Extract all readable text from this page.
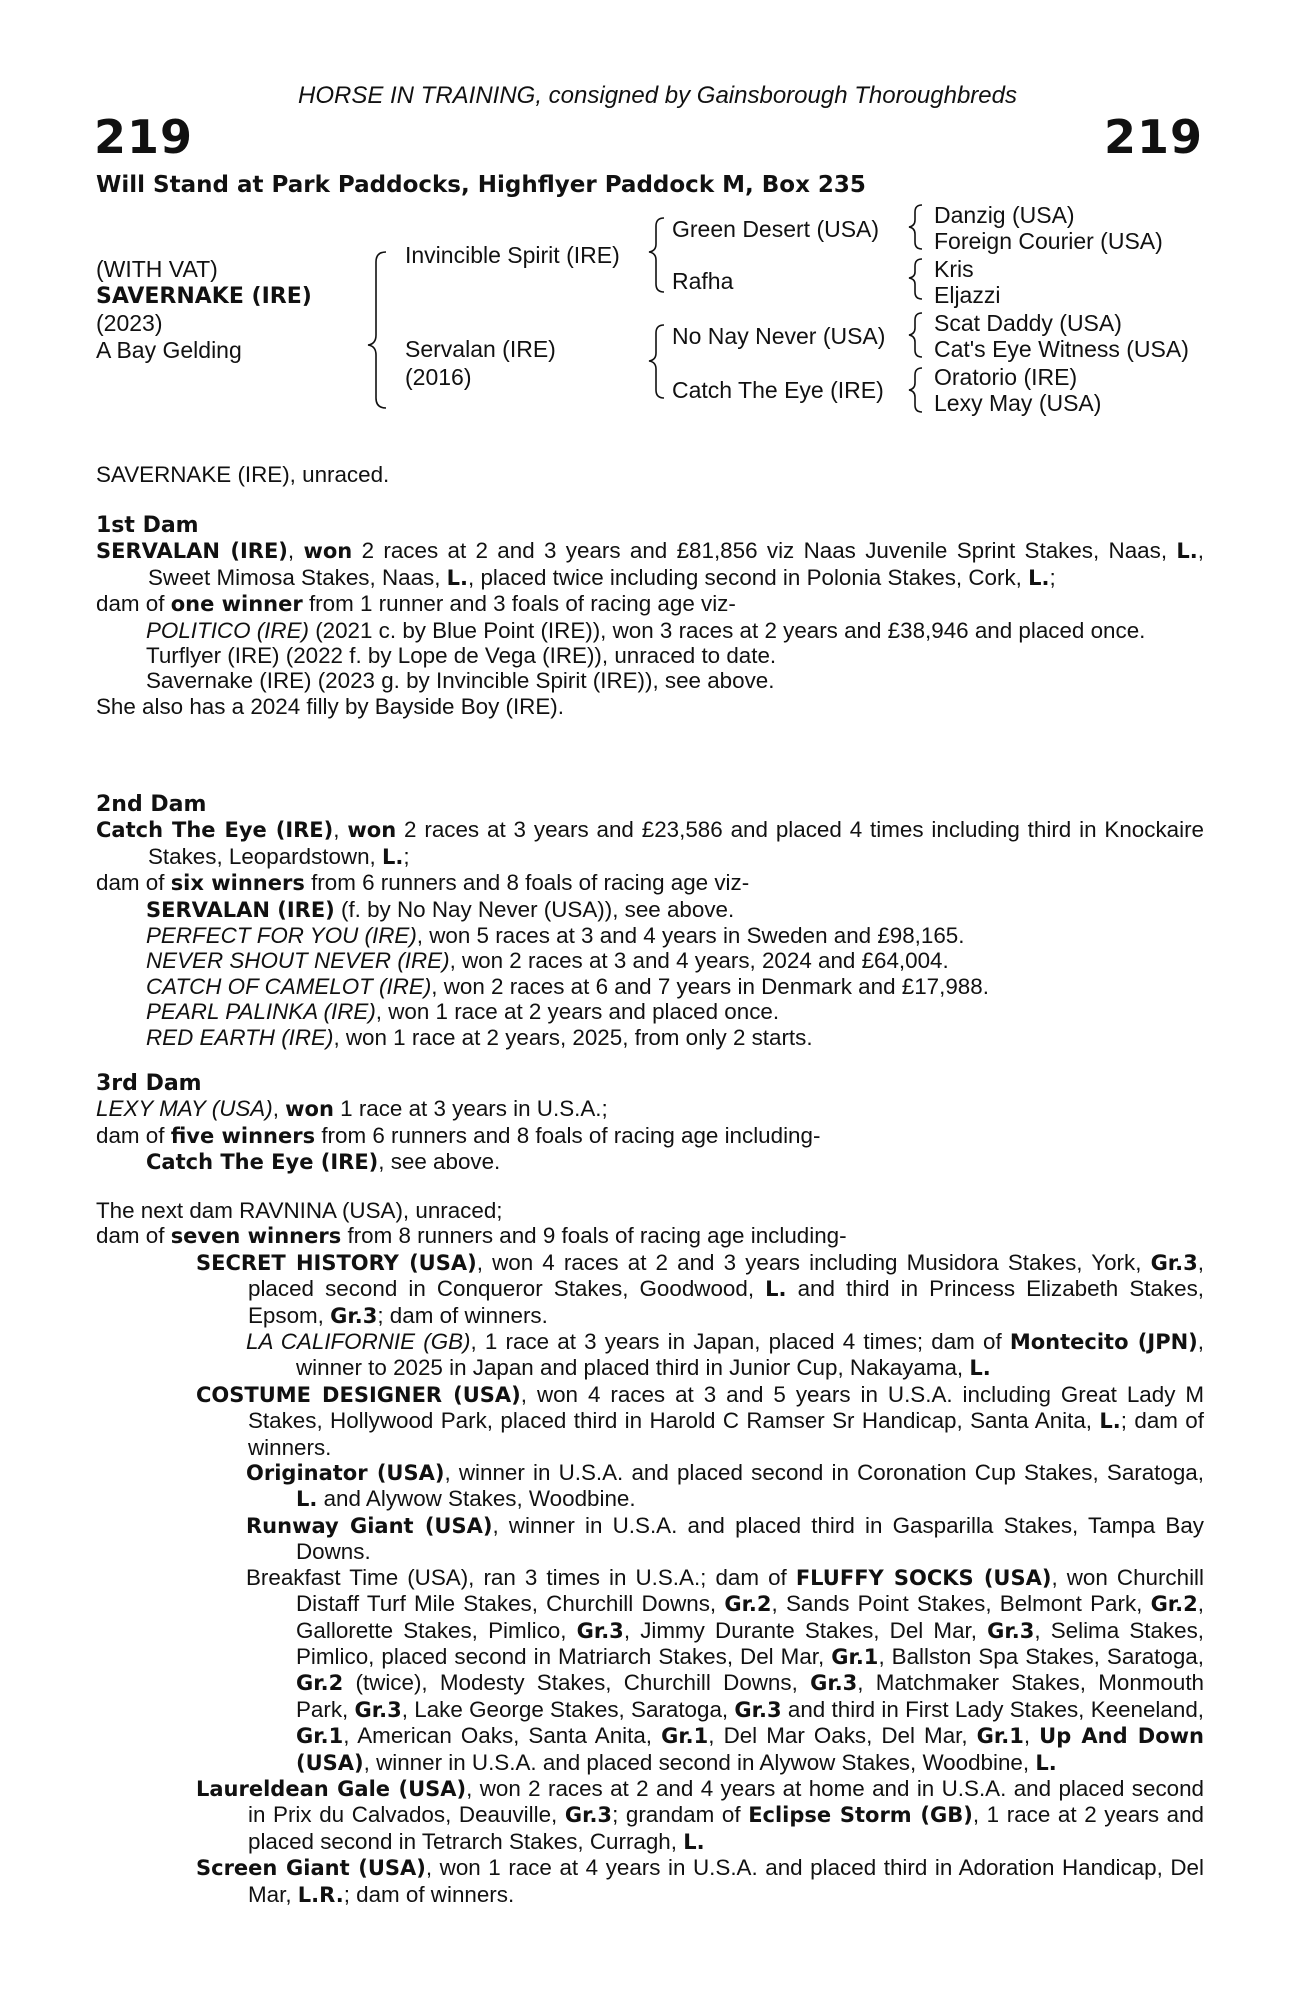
HORSE IN TRAINING, consigned by Gainsborough Thoroughbreds
219	219
Will Stand at Park Paddocks, Highflyer Paddock M, Box 235
(WITH VAT)
SAVERNAKE (IRE)
(2023)
A Bay Gelding
Invincible Spirit (IRE)
Servalan (IRE)
(2016)
Green Desert (USA)
Rafha
No Nay Never (USA)
Catch The Eye (IRE)
Danzig (USA)
Foreign Courier (USA)
Kris
Eljazzi
Scat Daddy (USA)
Cat's Eye Witness (USA)
Oratorio (IRE)
Lexy May (USA)

SAVERNAKE (IRE), unraced.

1st Dam

SERVALAN (IRE), won 2 races at 2 and 3 years and £81,856 viz Naas Juvenile Sprint Stakes, Naas, L., Sweet Mimosa Stakes, Naas, L., placed twice including second in Polonia Stakes, Cork, L.;

dam of one winner from 1 runner and 3 foals of racing age viz-

POLITICO (IRE) (2021 c. by Blue Point (IRE)), won 3 races at 2 years and £38,946 and placed once.

Turflyer (IRE) (2022 f. by Lope de Vega (IRE)), unraced to date.

Savernake (IRE) (2023 g. by Invincible Spirit (IRE)), see above.

She also has a 2024 filly by Bayside Boy (IRE).

2nd Dam

Catch The Eye (IRE), won 2 races at 3 years and £23,586 and placed 4 times including third in Knockaire Stakes, Leopardstown, L.;

dam of six winners from 6 runners and 8 foals of racing age viz-

SERVALAN (IRE) (f. by No Nay Never (USA)), see above.

PERFECT FOR YOU (IRE), won 5 races at 3 and 4 years in Sweden and £98,165.

NEVER SHOUT NEVER (IRE), won 2 races at 3 and 4 years, 2024 and £64,004.

CATCH OF CAMELOT (IRE), won 2 races at 6 and 7 years in Denmark and £17,988.

PEARL PALINKA (IRE), won 1 race at 2 years and placed once.

RED EARTH (IRE), won 1 race at 2 years, 2025, from only 2 starts.

3rd Dam

LEXY MAY (USA), won 1 race at 3 years in U.S.A.;

dam of five winners from 6 runners and 8 foals of racing age including-

Catch The Eye (IRE), see above.

The next dam RAVNINA (USA), unraced;

dam of seven winners from 8 runners and 9 foals of racing age including-

SECRET HISTORY (USA), won 4 races at 2 and 3 years including Musidora Stakes, York, Gr.3, placed second in Conqueror Stakes, Goodwood, L. and third in Princess Elizabeth Stakes, Epsom, Gr.3; dam of winners.

LA CALIFORNIE (GB), 1 race at 3 years in Japan, placed 4 times; dam of Montecito (JPN), winner to 2025 in Japan and placed third in Junior Cup, Nakayama, L.

COSTUME DESIGNER (USA), won 4 races at 3 and 5 years in U.S.A. including Great Lady M Stakes, Hollywood Park, placed third in Harold C Ramser Sr Handicap, Santa Anita, L.; dam of winners.

Originator (USA), winner in U.S.A. and placed second in Coronation Cup Stakes, Saratoga, L. and Alywow Stakes, Woodbine.

Runway Giant (USA), winner in U.S.A. and placed third in Gasparilla Stakes, Tampa Bay Downs.

Breakfast Time (USA), ran 3 times in U.S.A.; dam of FLUFFY SOCKS (USA), won Churchill Distaff Turf Mile Stakes, Churchill Downs, Gr.2, Sands Point Stakes, Belmont Park, Gr.2, Gallorette Stakes, Pimlico, Gr.3, Jimmy Durante Stakes, Del Mar, Gr.3, Selima Stakes, Pimlico, placed second in Matriarch Stakes, Del Mar, Gr.1, Ballston Spa Stakes, Saratoga, Gr.2 (twice), Modesty Stakes, Churchill Downs, Gr.3, Matchmaker Stakes, Monmouth Park, Gr.3, Lake George Stakes, Saratoga, Gr.3 and third in First Lady Stakes, Keeneland, Gr.1, American Oaks, Santa Anita, Gr.1, Del Mar Oaks, Del Mar, Gr.1, Up And Down (USA), winner in U.S.A. and placed second in Alywow Stakes, Woodbine, L.

Laureldean Gale (USA), won 2 races at 2 and 4 years at home and in U.S.A. and placed second in Prix du Calvados, Deauville, Gr.3; grandam of Eclipse Storm (GB), 1 race at 2 years and placed second in Tetrarch Stakes, Curragh, L.

Screen Giant (USA), won 1 race at 4 years in U.S.A. and placed third in Adoration Handicap, Del Mar, L.R.; dam of winners.
